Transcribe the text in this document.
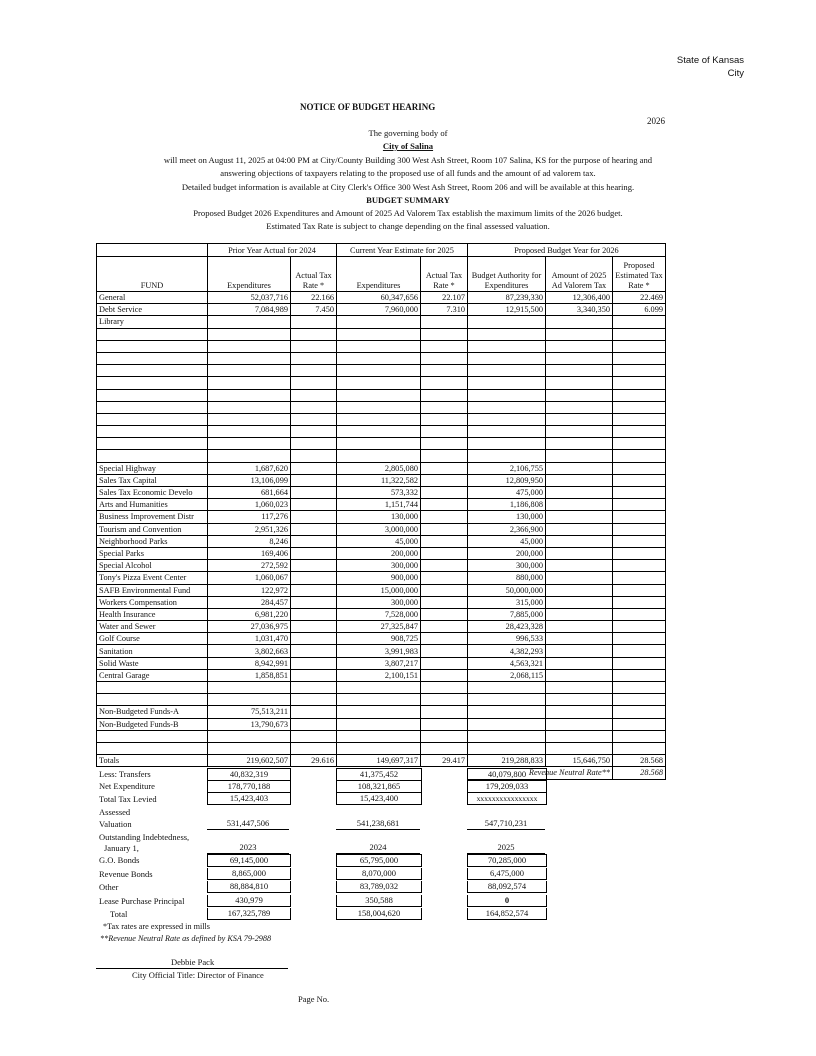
State of Kansas
City
NOTICE OF BUDGET HEARING
2026
The governing body of
City of Salina
will meet on August 11, 2025 at 04:00 PM at City/County Building 300 West Ash Street, Room 107 Salina, KS for the purpose of hearing and
answering objections of taxpayers relating to the proposed use of all funds and the amount of ad valorem tax.
Detailed budget information is available at City Clerk's Office 300 West Ash Street, Room 206 and will be available at this hearing.
BUDGET SUMMARY
Proposed Budget 2026 Expenditures and Amount of 2025 Ad Valorem Tax establish the maximum limits of the 2026 budget.
Estimated Tax Rate is subject to change depending on the final assessed valuation.
	Prior Year Actual for 2024		Current Year Estimate for 2025		Proposed Budget Year for 2026		
FUND	Expenditures	Actual Tax Rate *	Expenditures	Actual Tax Rate *	Budget Authority for Expenditures	Amount of 2025 Ad Valorem Tax	Proposed Estimated Tax Rate *
General	52,037,716	22.166	60,347,656	22.107	87,239,330	12,306,400	22.469
Debt Service	7,084,989	7.450	7,960,000	7.310	12,915,500	3,340,350	6.099
Library							

Special Highway	1,687,620		2,805,080		2,106,755		
Sales Tax Capital	13,106,099		11,322,582		12,809,950		
Sales Tax Economic Develo	681,664		573,332		475,000		
Arts and Humanities	1,060,023		1,151,744		1,186,808		
Business Improvement Distr	117,276		130,000		130,000		
Tourism and Convention	2,951,326		3,000,000		2,366,900		
Neighborhood Parks	8,246		45,000		45,000		
Special Parks	169,406		200,000		200,000		
Special Alcohol	272,592		300,000		300,000		
Tony's Pizza Event Center	1,060,067		900,000		880,000		
SAFB Environmental Fund	122,972		15,000,000		50,000,000		
Workers Compensation	284,457		300,000		315,000		
Health Insurance	6,981,220		7,528,000		7,885,000		
Water and Sewer	27,036,975		27,325,847		28,423,328		
Golf Course	1,031,470		908,725		996,533		
Sanitation	3,802,663		3,991,983		4,382,293		
Solid Waste	8,942,991		3,807,217		4,563,321		
Central Garage	1,858,851		2,100,151		2,068,115		

Non-Budgeted Funds-A	75,513,211						
Non-Budgeted Funds-B	13,790,673						

Totals	219,602,507	29.616	149,697,317	29.417	219,288,833	15,646,750	28.568
					Revenue Neutral Rate**		28.568
Less: Transfers	40,832,319	41,375,452	40,079,800
Net Expenditure	178,770,188	108,321,865	179,209,033
Total Tax Levied	15,423,403	15,423,400	xxxxxxxxxxxxxxxx
Assessed
Valuation	531,447,506	541,238,681	547,710,231
Outstanding Indebtedness,
January 1,	2023	2024	2025
G.O. Bonds	69,145,000	65,795,000	70,285,000
Revenue Bonds	8,865,000	8,070,000	6,475,000
Other	88,884,810	83,789,032	88,092,574
Lease Purchase Principal	430,979	350,588	0
Total	167,325,789	158,004,620	164,852,574
*Tax rates are expressed in mills
**Revenue Neutral Rate as defined by KSA 79-2988
Debbie Pack
City Official Title: Director of Finance
Page No.
